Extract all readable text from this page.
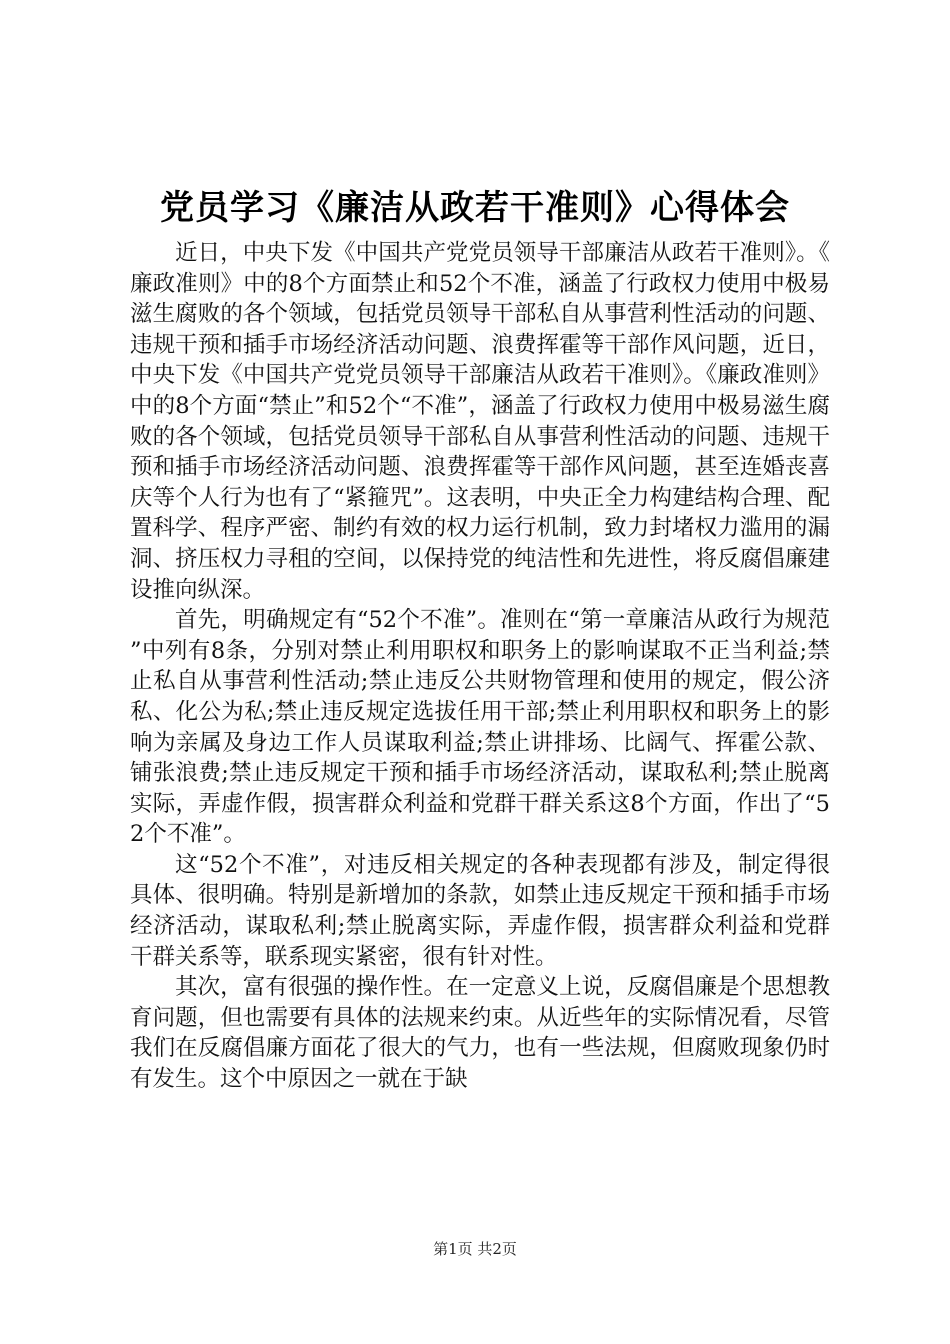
党员学习《廉洁从政若干准则》心得体会

近日，中央下发《中国共产党党员领导干部廉洁从政若干准则》。《廉政准则》中的8个方面禁止和52个不准，涵盖了行政权力使用中极易滋生腐败的各个领域，包括党员领导干部私自从事营利性活动的问题、违规干预和插手市场经济活动问题、浪费挥霍等干部作风问题，近日，中央下发《中国共产党党员领导干部廉洁从政若干准则》。《廉政准则》中的8个方面“禁止”和52个“不准”，涵盖了行政权力使用中极易滋生腐败的各个领域，包括党员领导干部私自从事营利性活动的问题、违规干预和插手市场经济活动问题、浪费挥霍等干部作风问题，甚至连婚丧喜庆等个人行为也有了“紧箍咒”。这表明，中央正全力构建结构合理、配置科学、程序严密、制约有效的权力运行机制，致力封堵权力滥用的漏洞、挤压权力寻租的空间，以保持党的纯洁性和先进性，将反腐倡廉建设推向纵深。

首先，明确规定有“52个不准”。准则在“第一章廉洁从政行为规范”中列有8条，分别对禁止利用职权和职务上的影响谋取不正当利益;禁止私自从事营利性活动;禁止违反公共财物管理和使用的规定，假公济私、化公为私;禁止违反规定选拔任用干部;禁止利用职权和职务上的影响为亲属及身边工作人员谋取利益;禁止讲排场、比阔气、挥霍公款、铺张浪费;禁止违反规定干预和插手市场经济活动，谋取私利;禁止脱离实际，弄虚作假，损害群众利益和党群干群关系这8个方面，作出了“52个不准”。

这“52个不准”，对违反相关规定的各种表现都有涉及，制定得很具体、很明确。特别是新增加的条款，如禁止违反规定干预和插手市场经济活动，谋取私利;禁止脱离实际，弄虚作假，损害群众利益和党群干群关系等，联系现实紧密，很有针对性。

其次，富有很强的操作性。在一定意义上说，反腐倡廉是个思想教育问题，但也需要有具体的法规来约束。从近些年的实际情况看，尽管我们在反腐倡廉方面花了很大的气力，也有一些法规，但腐败现象仍时有发生。这个中原因之一就在于缺

第1页 共2页
